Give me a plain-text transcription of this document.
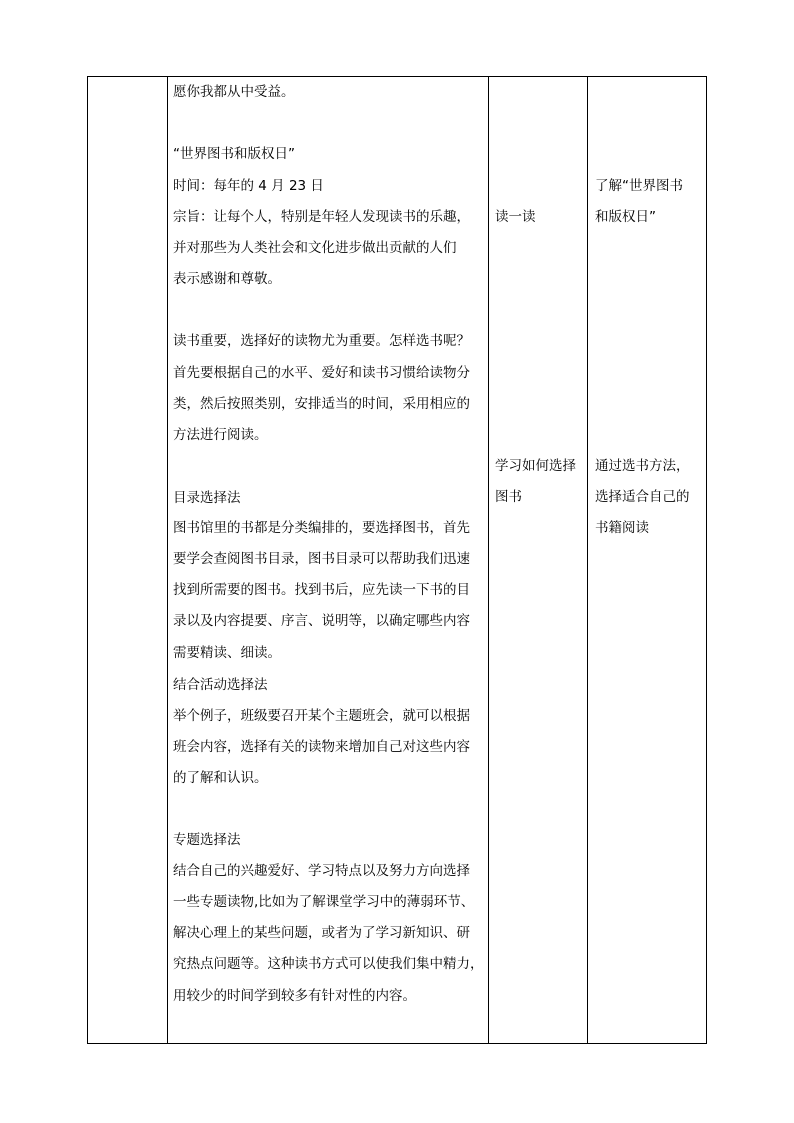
愿你我都从中受益。
“世界图书和版权日”
时间：每年的 4 月 23 日
宗旨：让每个人，特别是年轻人发现读书的乐趣，
并对那些为人类社会和文化进步做出贡献的人们
表示感谢和尊敬。
读书重要，选择好的读物尤为重要。怎样选书呢？
首先要根据自己的水平、爱好和读书习惯给读物分
类，然后按照类别，安排适当的时间，采用相应的
方法进行阅读。
目录选择法
图书馆里的书都是分类编排的，要选择图书，首先
要学会查阅图书目录，图书目录可以帮助我们迅速
找到所需要的图书。找到书后，应先读一下书的目
录以及内容提要、序言、说明等，以确定哪些内容
需要精读、细读。
结合活动选择法
举个例子，班级要召开某个主题班会，就可以根据
班会内容，选择有关的读物来增加自己对这些内容
的了解和认识。
专题选择法
结合自己的兴趣爱好、学习特点以及努力方向选择
一些专题读物,比如为了解课堂学习中的薄弱环节、
解决心理上的某些问题，或者为了学习新知识、研
究热点问题等。这种读书方式可以使我们集中精力，
用较少的时间学到较多有针对性的内容。
读一读
学习如何选择
图书
了解“世界图书
和版权日”
通过选书方法，
选择适合自己的
书籍阅读
